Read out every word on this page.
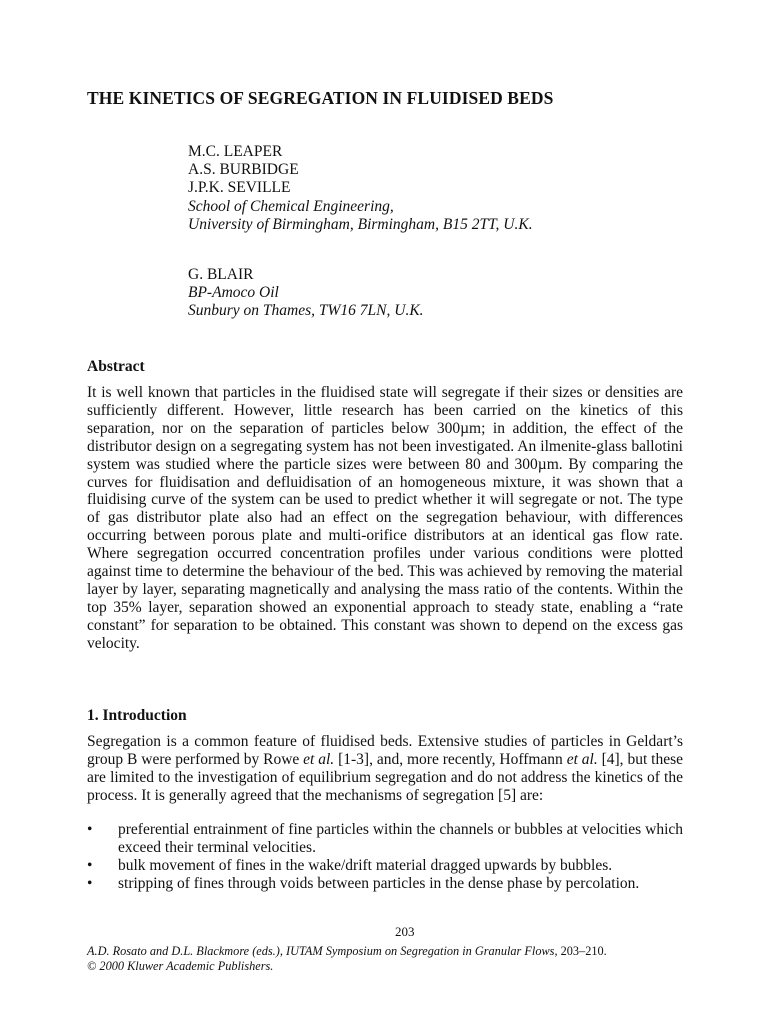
THE KINETICS OF SEGREGATION IN FLUIDISED BEDS
M.C. LEAPER
A.S. BURBIDGE
J.P.K. SEVILLE
School of Chemical Engineering,
University of Birmingham, Birmingham, B15 2TT, U.K.
G. BLAIR
BP-Amoco Oil
Sunbury on Thames, TW16 7LN, U.K.
Abstract
It is well known that particles in the fluidised state will segregate if their sizes or densities are sufficiently different. However, little research has been carried on the kinetics of this separation, nor on the separation of particles below 300µm; in addition, the effect of the distributor design on a segregating system has not been investigated. An ilmenite-glass ballotini system was studied where the particle sizes were between 80 and 300µm. By comparing the curves for fluidisation and defluidisation of an homogeneous mixture, it was shown that a fluidising curve of the system can be used to predict whether it will segregate or not. The type of gas distributor plate also had an effect on the segregation behaviour, with differences occurring between porous plate and multi-orifice distributors at an identical gas flow rate. Where segregation occurred concentration profiles under various conditions were plotted against time to determine the behaviour of the bed. This was achieved by removing the material layer by layer, separating magnetically and analysing the mass ratio of the contents. Within the top 35% layer, separation showed an exponential approach to steady state, enabling a “rate constant” for separation to be obtained. This constant was shown to depend on the excess gas velocity.
1. Introduction
Segregation is a common feature of fluidised beds. Extensive studies of particles in Geldart’s group B were performed by Rowe et al. [1-3], and, more recently, Hoffmann et al. [4], but these are limited to the investigation of equilibrium segregation and do not address the kinetics of the process. It is generally agreed that the mechanisms of segregation [5] are:
•	preferential entrainment of fine particles within the channels or bubbles at velocities which exceed their terminal velocities.
•	bulk movement of fines in the wake/drift material dragged upwards by bubbles.
•	stripping of fines through voids between particles in the dense phase by percolation.
203
A.D. Rosato and D.L. Blackmore (eds.), IUTAM Symposium on Segregation in Granular Flows, 203–210.
© 2000 Kluwer Academic Publishers.
